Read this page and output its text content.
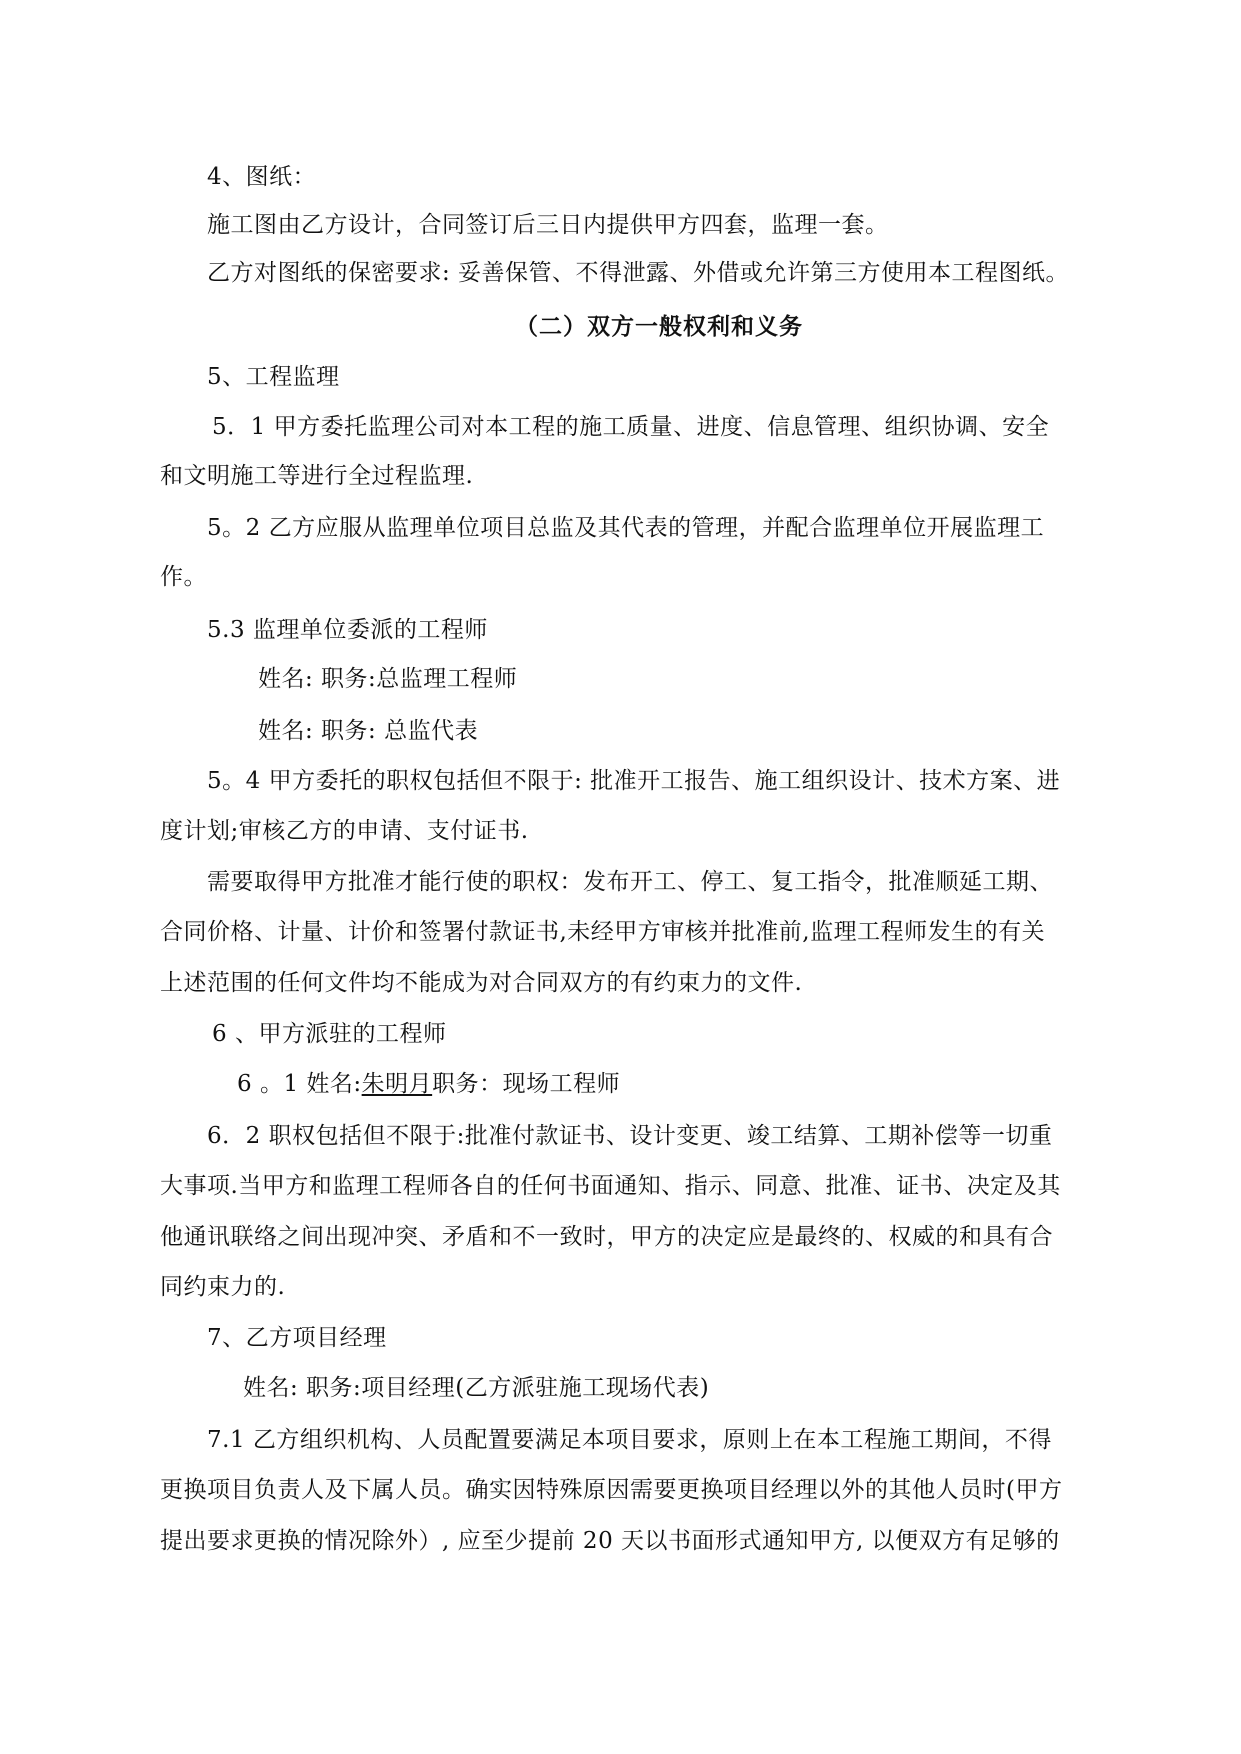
4、图纸：
施工图由乙方设计，合同签订后三日内提供甲方四套，监理一套。
乙方对图纸的保密要求: 妥善保管、不得泄露、外借或允许第三方使用本工程图纸。
（二）双方一般权利和义务
5、工程监理
5．1 甲方委托监理公司对本工程的施工质量、进度、信息管理、组织协调、安全
和文明施工等进行全过程监理.
5。2 乙方应服从监理单位项目总监及其代表的管理，并配合监理单位开展监理工
作。
5.3 监理单位委派的工程师
姓名: 职务:总监理工程师
姓名: 职务: 总监代表
5。4 甲方委托的职权包括但不限于: 批准开工报告、施工组织设计、技术方案、进
度计划;审核乙方的申请、支付证书.
需要取得甲方批准才能行使的职权：发布开工、停工、复工指令，批准顺延工期、
合同价格、计量、计价和签署付款证书,未经甲方审核并批准前,监理工程师发生的有关
上述范围的任何文件均不能成为对合同双方的有约束力的文件.
6 、甲方派驻的工程师
6 。1 姓名:朱明月职务：现场工程师
6．2 职权包括但不限于:批准付款证书、设计变更、竣工结算、工期补偿等一切重
大事项.当甲方和监理工程师各自的任何书面通知、指示、同意、批准、证书、决定及其
他通讯联络之间出现冲突、矛盾和不一致时，甲方的决定应是最终的、权威的和具有合
同约束力的.
7、乙方项目经理
姓名: 职务:项目经理(乙方派驻施工现场代表)
7.1 乙方组织机构、人员配置要满足本项目要求，原则上在本工程施工期间，不得
更换项目负责人及下属人员。确实因特殊原因需要更换项目经理以外的其他人员时(甲方
提出要求更换的情况除外）, 应至少提前 20 天以书面形式通知甲方, 以便双方有足够的
